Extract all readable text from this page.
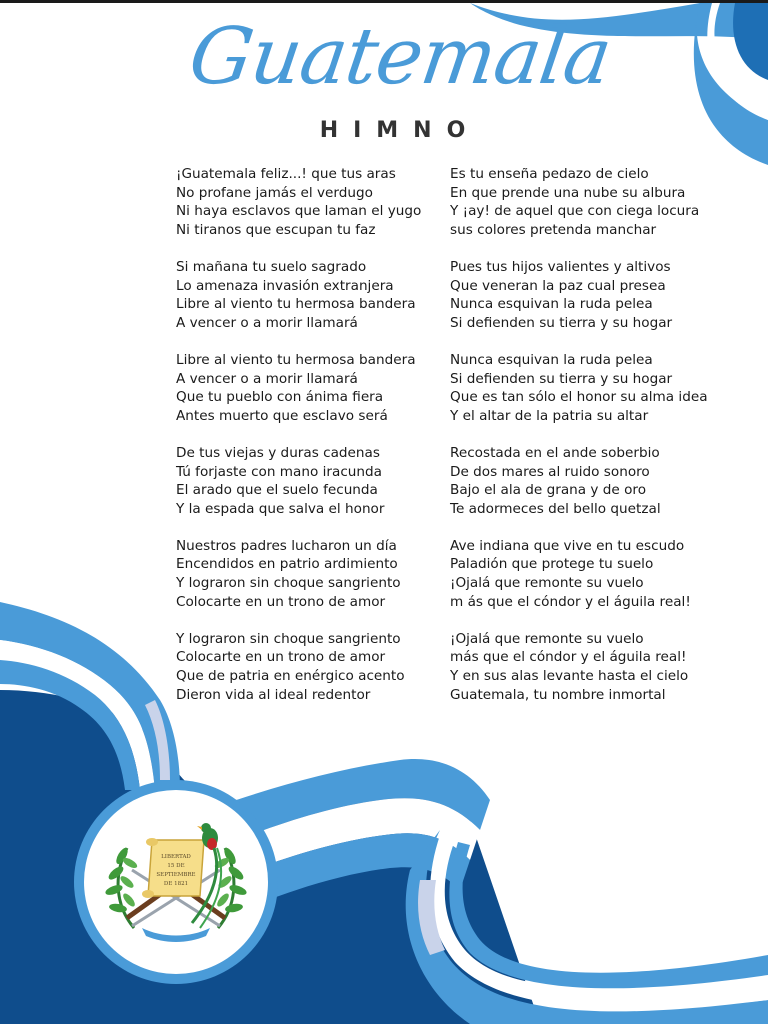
Guatemala
HIMNO
¡Guatemala feliz...! que tus aras
No profane jamás el verdugo
Ni haya esclavos que laman el yugo
Ni tiranos que escupan tu faz
Si mañana tu suelo sagrado
Lo amenaza invasión extranjera
Libre al viento tu hermosa bandera
A vencer o a morir llamará
Libre al viento tu hermosa bandera
A vencer o a morir llamará
Que tu pueblo con ánima fiera
Antes muerto que esclavo será
De tus viejas y duras cadenas
Tú forjaste con mano iracunda
El arado que el suelo fecunda
Y la espada que salva el honor
Nuestros padres lucharon un día
Encendidos en patrio ardimiento
Y lograron sin choque sangriento
Colocarte en un trono de amor
Y lograron sin choque sangriento
Colocarte en un trono de amor
Que de patria en enérgico acento
Dieron vida al ideal redentor
Es tu enseña pedazo de cielo
En que prende una nube su albura
Y ¡ay! de aquel que con ciega locura
sus colores pretenda manchar
Pues tus hijos valientes y altivos
Que veneran la paz cual presea
Nunca esquivan la ruda pelea
Si defienden su tierra y su hogar
Nunca esquivan la ruda pelea
Si defienden su tierra y su hogar
Que es tan sólo el honor su alma idea
Y el altar de la patria su altar
Recostada en el ande soberbio
De dos mares al ruido sonoro
Bajo el ala de grana y de oro
Te adormeces del bello quetzal
Ave indiana que vive en tu escudo
Paladión que protege tu suelo
¡Ojalá que remonte su vuelo
m ás que el cóndor y el águila real!
¡Ojalá que remonte su vuelo
más que el cóndor y el águila real!
Y en sus alas levante hasta el cielo
Guatemala, tu nombre inmortal
LIBERTAD
15 DE
SEPTIEMBRE
DE 1821
